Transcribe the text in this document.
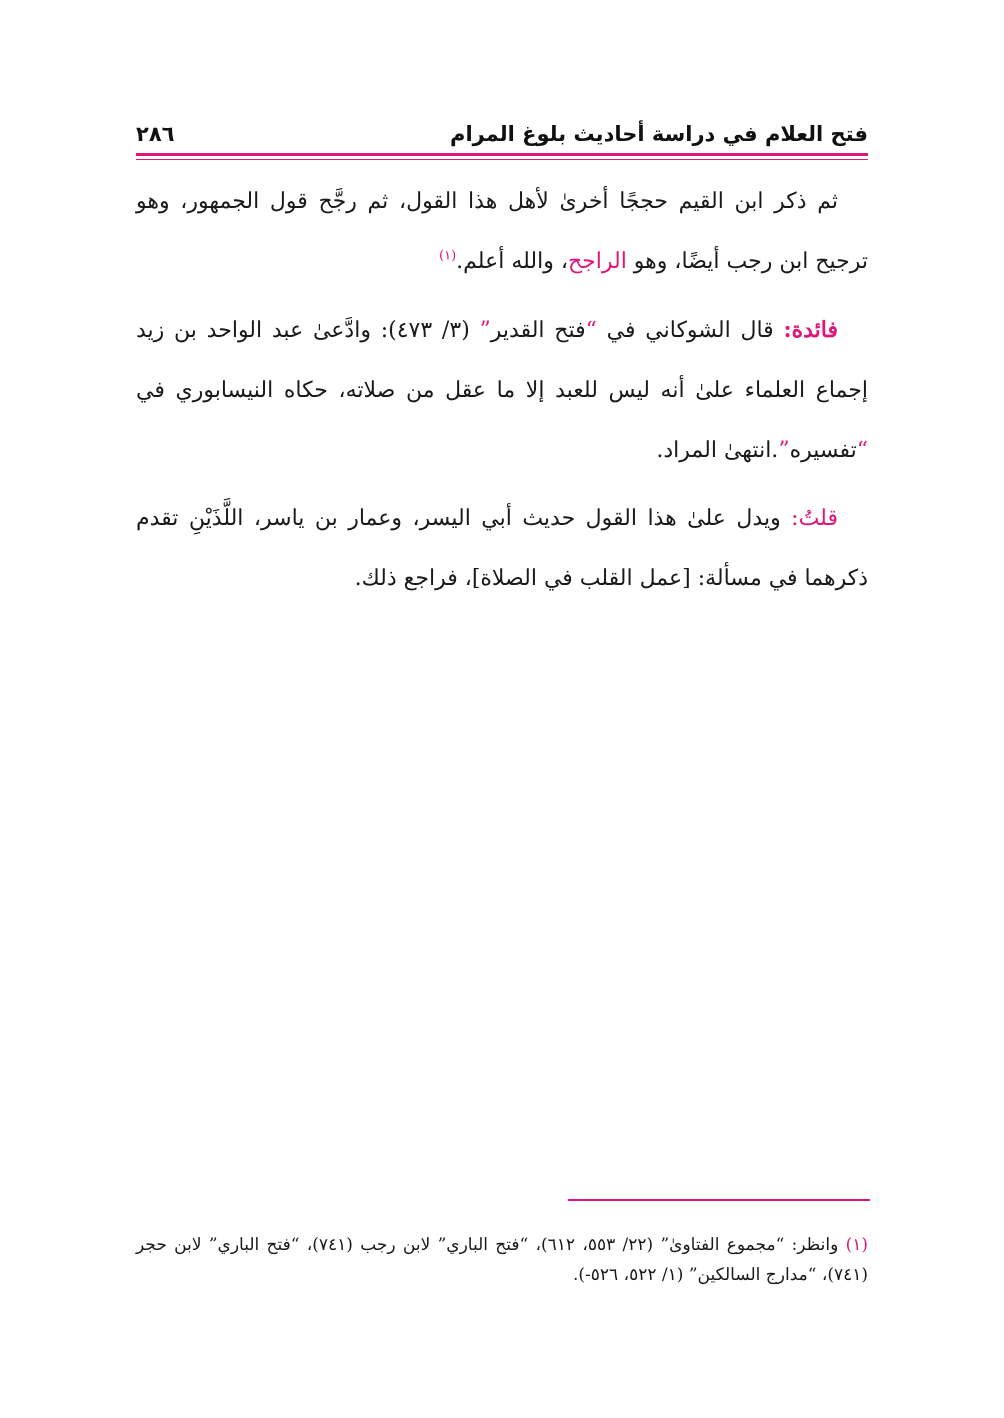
فتح العلام في دراسة أحاديث بلوغ المرام
٢٨٦

ثم ذكر ابن القيم حججًا أخرىٰ لأهل هذا القول، ثم رجَّح قول الجمهور، وهو ترجيح ابن رجب أيضًا، وهو الراجح، والله أعلم.$^{(١)}$

فائدة: قال الشوكاني في “فتح القدير” (٣/ ٤٧٣): وادَّعىٰ عبد الواحد بن زيد إجماع العلماء علىٰ أنه ليس للعبد إلا ما عقل من صلاته، حكاه النيسابوري في “تفسيره”.انتهىٰ المراد.

قلتُ: ويدل علىٰ هذا القول حديث أبي اليسر، وعمار بن ياسر، اللَّذَيْنِ تقدم ذكرهما في مسألة: [عمل القلب في الصلاة]، فراجع ذلك.

(١) وانظر: “مجموع الفتاوىٰ” (٢٢/ ٥٥٣، ٦١٢)، “فتح الباري” لابن رجب (٧٤١)، “فتح الباري” لابن حجر (٧٤١)، “مدارج السالكين” (١/ ٥٢٢، ٥٢٦-).
